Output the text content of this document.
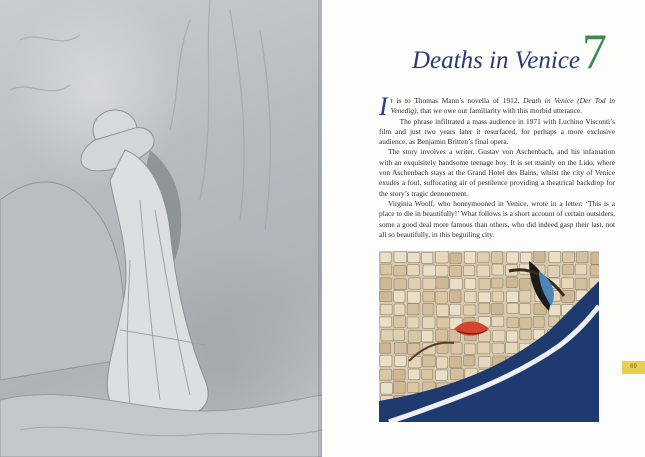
Deaths in Venice 7

It is to Thomas Mann’s novella of 1912, Death in Venice (Der Tod in Venedig), that we owe our familiarity with this morbid utterance.

The phrase infiltrated a mass audience in 1971 with Luchino Visconti’s film and just two years later it resurfaced, for perhaps a more exclusive audience, as Benjamin Britten’s final opera.

The story involves a writer, Gustav von Aschenbach, and his infatuation with an exquisitely handsome teenage boy. It is set mainly on the Lido, where von Aschenbach stays at the Grand Hotel des Bains, whilst the city of Venice exudes a foul, suffocating air of pestilence providing a theatrical backdrop for the story’s tragic denouement.

Virginia Woolf, who honeymooned in Venice, wrote in a letter: ‘This is a place to die in beautifully!’ What follows is a short account of certain outsiders, some a good deal more famous than others, who did indeed gasp their last, not all so beautifully, in this beguiling city.

69
